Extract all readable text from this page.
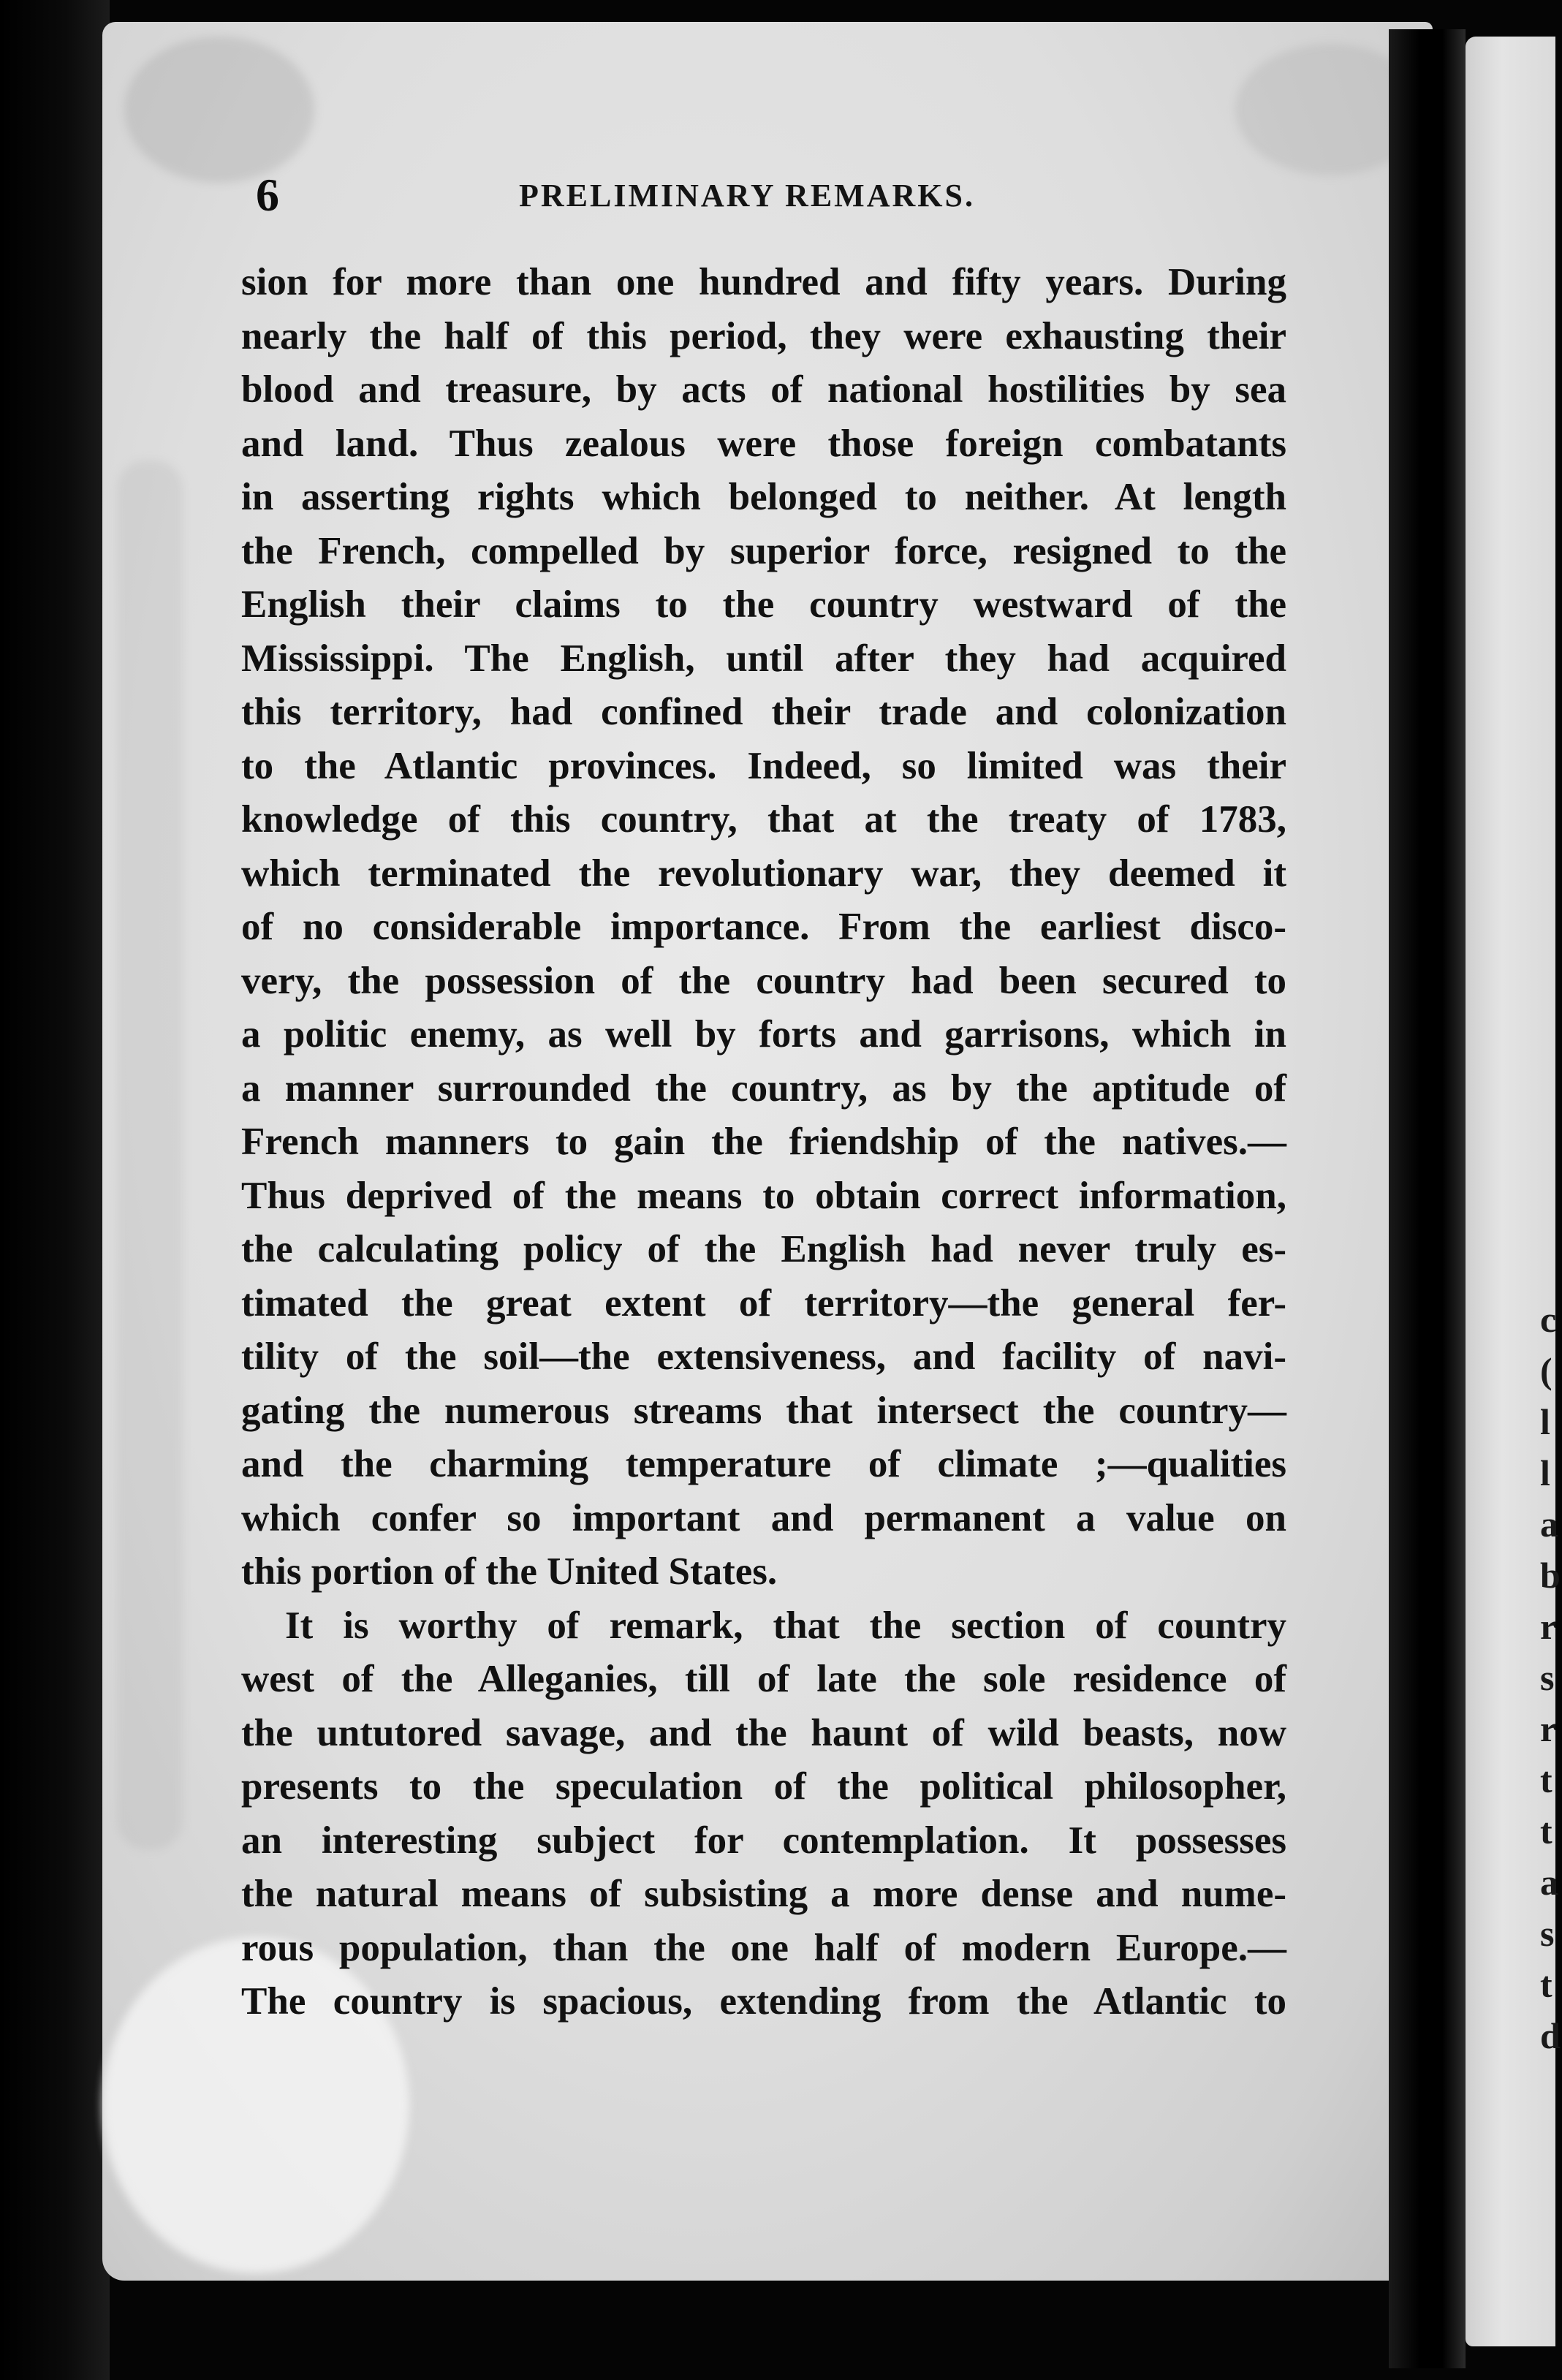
6	PRELIMINARY REMARKS.
sion for more than one hundred and fifty years. During
nearly the half of this period, they were exhausting their
blood and treasure, by acts of national hostilities by sea
and land. Thus zealous were those foreign combatants
in asserting rights which belonged to neither. At length
the French, compelled by superior force, resigned to the
English their claims to the country westward of the
Mississippi. The English, until after they had acquired
this territory, had confined their trade and colonization
to the Atlantic provinces. Indeed, so limited was their
knowledge of this country, that at the treaty of 1783,
which terminated the revolutionary war, they deemed it
of no considerable importance. From the earliest disco-
very, the possession of the country had been secured to
a politic enemy, as well by forts and garrisons, which in
a manner surrounded the country, as by the aptitude of
French manners to gain the friendship of the natives.—
Thus deprived of the means to obtain correct information,
the calculating policy of the English had never truly es-
timated the great extent of territory—the general fer-
tility of the soil—the extensiveness, and facility of navi-
gating the numerous streams that intersect the country—
and the charming temperature of climate ;—qualities
which confer so important and permanent a value on
this portion of the United States.
It is worthy of remark, that the section of country
west of the Alleganies, till of late the sole residence of
the untutored savage, and the haunt of wild beasts, now
presents to the speculation of the political philosopher,
an interesting subject for contemplation. It possesses
the natural means of subsisting a more dense and nume-
rous population, than the one half of modern Europe.—
The country is spacious, extending from the Atlantic to
c
(
l
l
a
b
r
s
r
t
t
a
s
t
d
